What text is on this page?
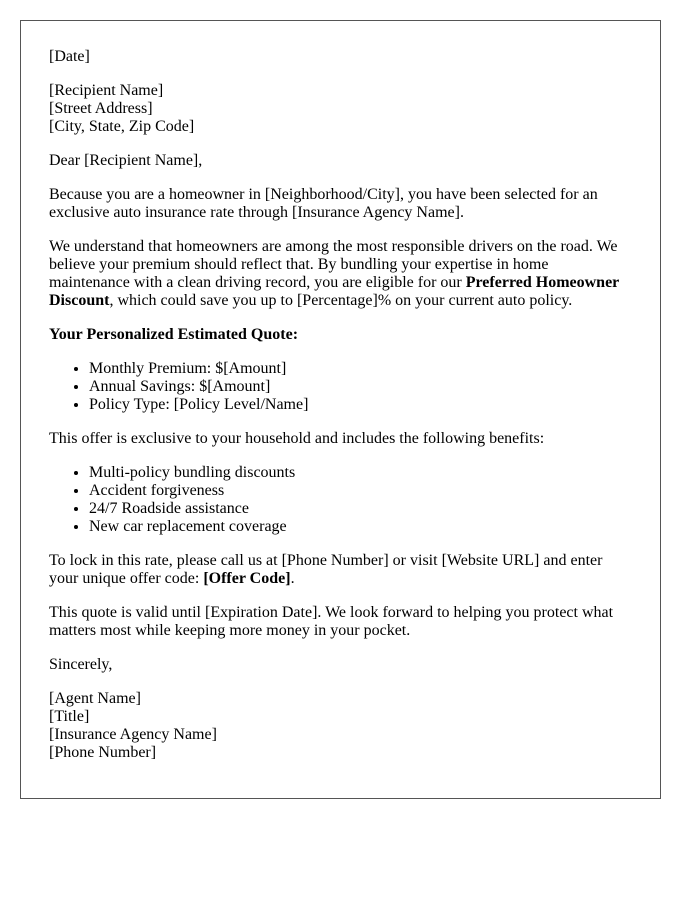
[Date]

[Recipient Name]
[Street Address]
[City, State, Zip Code]

Dear [Recipient Name],

Because you are a homeowner in [Neighborhood/City], you have been selected for an exclusive auto insurance rate through [Insurance Agency Name].

We understand that homeowners are among the most responsible drivers on the road. We believe your premium should reflect that. By bundling your expertise in home maintenance with a clean driving record, you are eligible for our Preferred Homeowner Discount, which could save you up to [Percentage]% on your current auto policy.

Your Personalized Estimated Quote:

• Monthly Premium: $[Amount]
• Annual Savings: $[Amount]
• Policy Type: [Policy Level/Name]

This offer is exclusive to your household and includes the following benefits:

• Multi-policy bundling discounts
• Accident forgiveness
• 24/7 Roadside assistance
• New car replacement coverage

To lock in this rate, please call us at [Phone Number] or visit [Website URL] and enter your unique offer code: [Offer Code].

This quote is valid until [Expiration Date]. We look forward to helping you protect what matters most while keeping more money in your pocket.

Sincerely,

[Agent Name]
[Title]
[Insurance Agency Name]
[Phone Number]
